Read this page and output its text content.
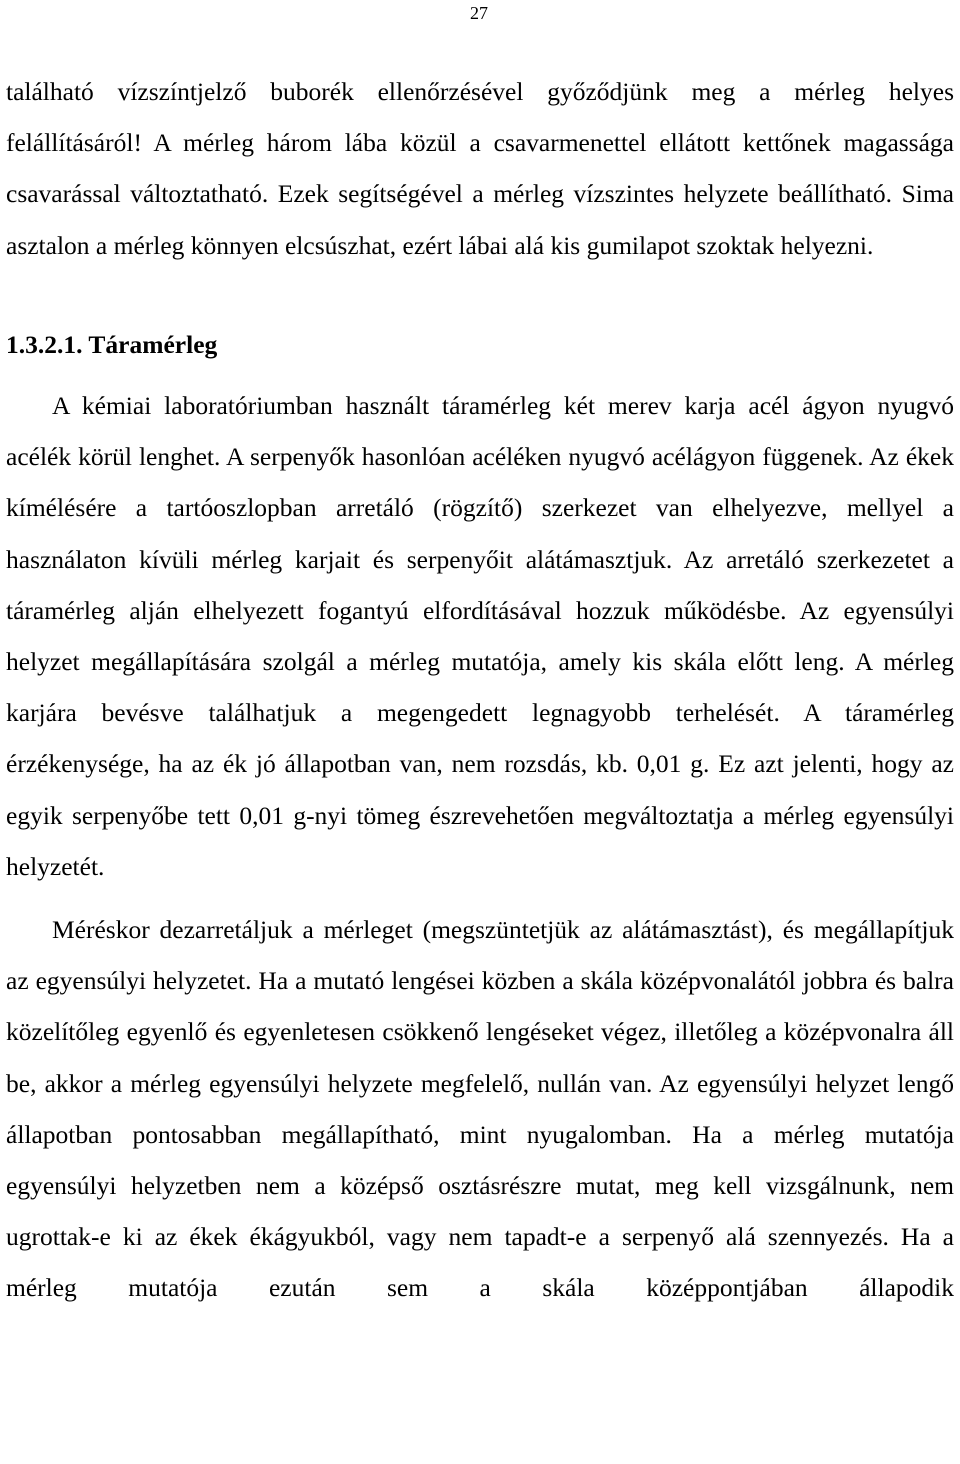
27

található vízszíntjelző buborék ellenőrzésével győződjünk meg a mérleg helyes felállításáról! A mérleg három lába közül a csavarmenettel ellátott kettőnek magassága csavarással változtatható. Ezek segítségével a mérleg vízszintes helyzete beállítható. Sima asztalon a mérleg könnyen elcsúszhat, ezért lábai alá kis gumilapot szoktak helyezni.

1.3.2.1. Táramérleg

A kémiai laboratóriumban használt táramérleg két merev karja acél ágyon nyugvó acélék körül lenghet. A serpenyők hasonlóan acéléken nyugvó acélágyon függenek. Az ékek kímélésére a tartóoszlopban arretáló (rögzítő) szerkezet van elhelyezve, mellyel a használaton kívüli mérleg karjait és serpenyőit alátámasztjuk. Az arretáló szerkezetet a táramérleg alján elhelyezett fogantyú elfordításával hozzuk működésbe. Az egyensúlyi helyzet megállapítására szolgál a mérleg mutatója, amely kis skála előtt leng. A mérleg karjára bevésve találhatjuk a megengedett legnagyobb terhelését. A táramérleg érzékenysége, ha az ék jó állapotban van, nem rozsdás, kb. 0,01 g. Ez azt jelenti, hogy az egyik serpenyőbe tett 0,01 g-nyi tömeg észrevehetően megváltoztatja a mérleg egyensúlyi helyzetét.

Méréskor dezarretáljuk a mérleget (megszüntetjük az alátámasztást), és megállapítjuk az egyensúlyi helyzetet. Ha a mutató lengései közben a skála középvonalától jobbra és balra közelítőleg egyenlő és egyenletesen csökkenő lengéseket végez, illetőleg a középvonalra áll be, akkor a mérleg egyensúlyi helyzete megfelelő, nullán van. Az egyensúlyi helyzet lengő állapotban pontosabban megállapítható, mint nyugalomban. Ha a mérleg mutatója egyensúlyi helyzetben nem a középső osztásrészre mutat, meg kell vizsgálnunk, nem ugrottak-e ki az ékek ékágyukból, vagy nem tapadt-e a serpenyő alá szennyezés. Ha a mérleg mutatója ezután sem a skála középpontjában állapodik
